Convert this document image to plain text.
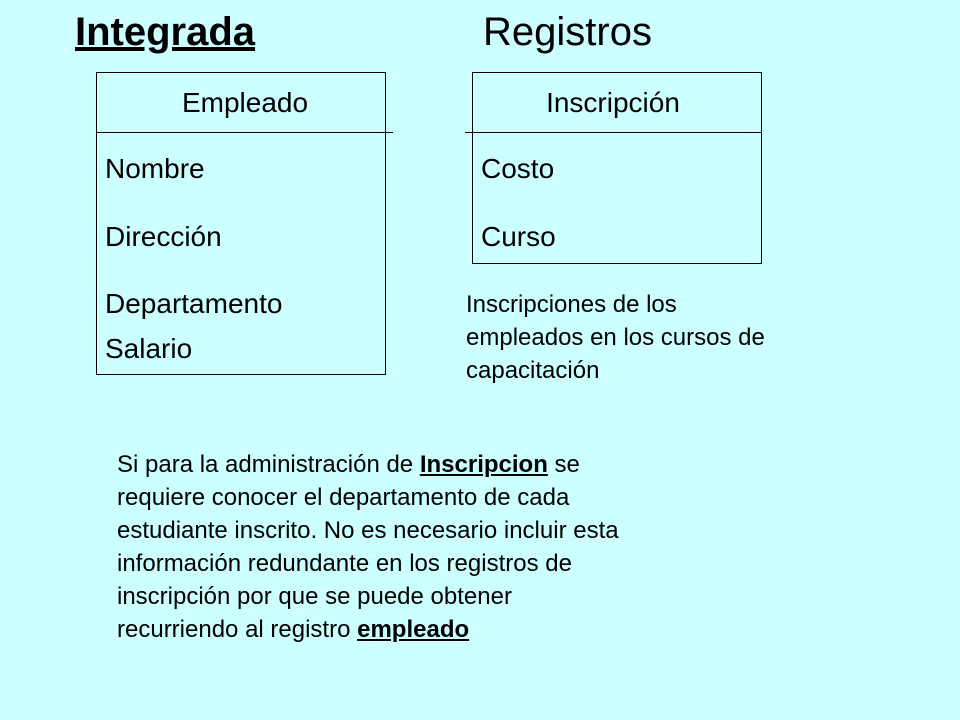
Integrada	Registros
Empleado
Nombre
Dirección
Departamento
Salario
Inscripción
Costo
Curso
Inscripciones de los
empleados en los cursos de
capacitación
Si para la administración de Inscripcion se
requiere conocer el departamento de cada
estudiante inscrito. No es necesario incluir esta
información redundante en los registros de
inscripción por que se puede obtener
recurriendo al registro empleado
